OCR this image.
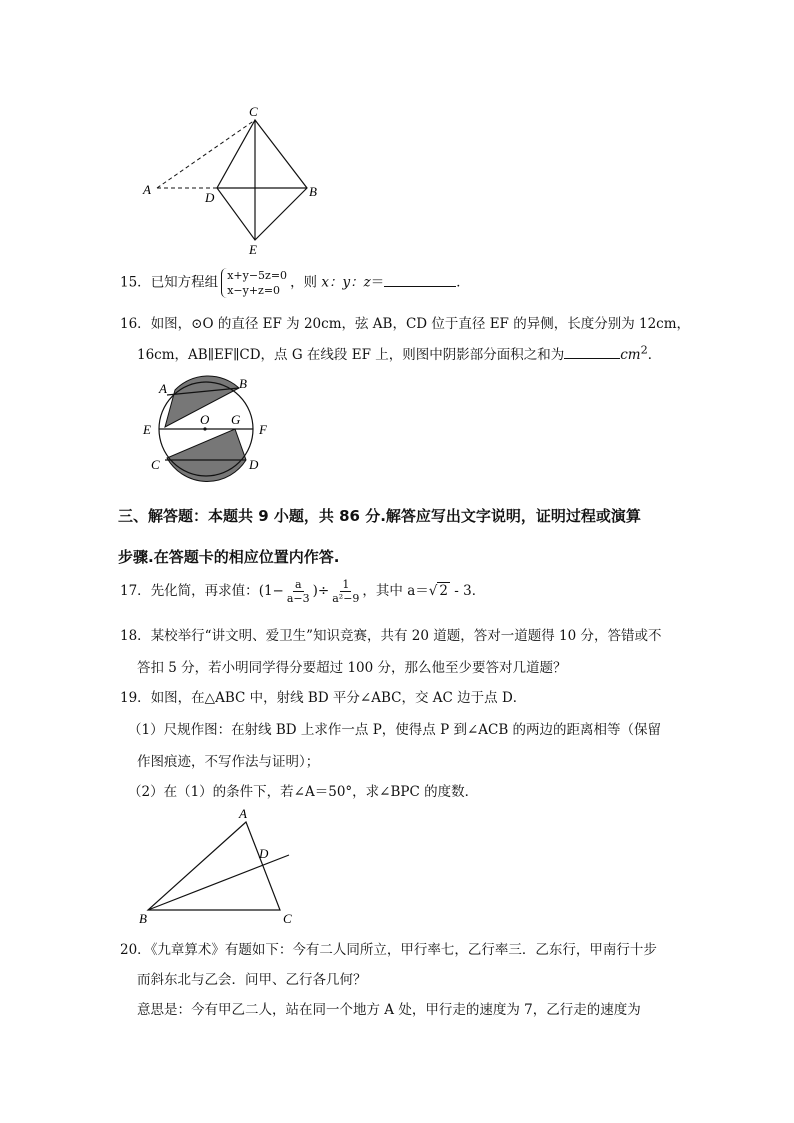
C
A
D	B
E
15．已知方程组 x+y−5z=0
x−y+z=0 ，则 x：y：z＝	．
16．如图，⊙O 的直径 EF 为 20cm，弦 AB，CD 位于直径 EF 的异侧，长度分别为 12cm，
16cm，AB∥EF∥CD，点 G 在线段 EF 上，则图中阴影部分面积之和为	$cm^2$．
A	B
O G
E	F
C	D
三、解答题：本题共 9 小题，共 86 分.解答应写出文字说明，证明过程或演算
步骤.在答题卡的相应位置内作答.
17．先化简，再求值：($1- \frac{a}{a-3}$ )÷ $\frac{1}{\text{a²−9}}$ ，其中 a＝√ 2 - 3．
18．某校举行“讲文明、爱卫生”知识竞赛，共有 20 道题，答对一道题得 10 分，答错或不
答扣 5 分，若小明同学得分要超过 100 分，那么他至少要答对几道题？
19．如图，在△ABC 中，射线 BD 平分∠ABC，交 AC 边于点 D．
（1）尺规作图：在射线 BD 上求作一点 P，使得点 P 到∠ACB 的两边的距离相等（保留
作图痕迹，不写作法与证明）；
（2）在（1）的条件下，若∠A＝50°，求∠BPC 的度数．
A
D
B	C
20．《九章算术》有题如下：今有二人同所立，甲行率七，乙行率三．乙东行，甲南行十步
而斜东北与乙会．问甲、乙行各几何？
意思是：今有甲乙二人，站在同一个地方 A 处，甲行走的速度为 7，乙行走的速度为
